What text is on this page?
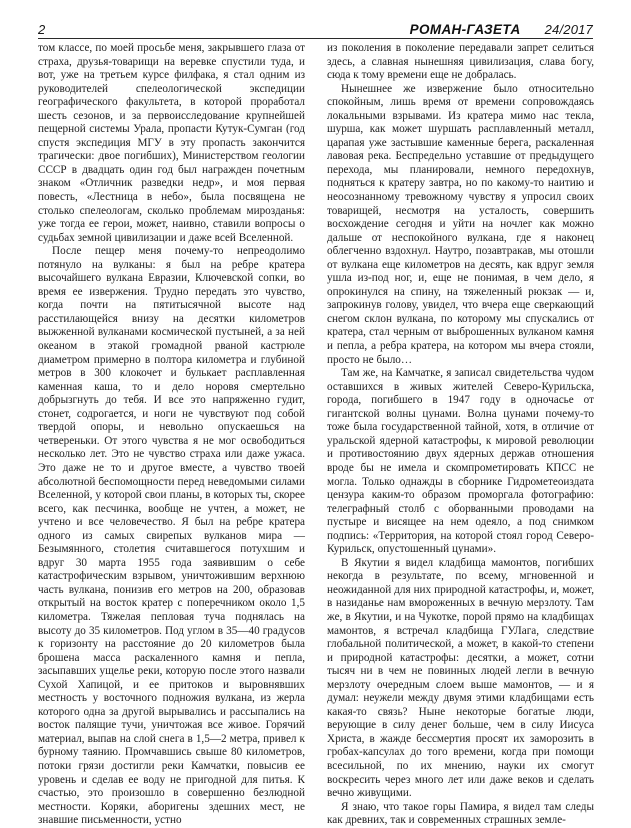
2	РОМАН-ГАЗЕТА 24/2017

том классе, по моей просьбе меня, закрывшего глаза от страха, друзья-товарищи на веревке спустили туда, и вот, уже на третьем курсе филфака, я стал одним из руководителей спелеологической экспедиции географического факультета, в которой проработал шесть сезонов, и за первоисследование крупнейшей пещерной системы Урала, пропасти Кутук-Сумган (год спустя экспедиция МГУ в эту пропасть закончится трагически: двое погибших), Министерством геологии СССР в двадцать один год был награжден почетным знаком «Отличник разведки недр», и моя первая повесть, «Лестница в небо», была посвящена не столько спелеологам, сколько проблемам мирозданья: уже тогда ее герои, может, наивно, ставили вопросы о судьбах земной цивилизации и даже всей Вселенной.

После пещер меня почему-то непреодолимо потянуло на вулканы: я был на ребре кратера высочайшего вулкана Евразии, Ключевской сопки, во время ее извержения. Трудно передать это чувство, когда почти на пятитысячной высоте над расстилающейся внизу на десятки километров выжженной вулканами космической пустыней, а за ней океаном в этакой громадной рваной кастрюле диаметром примерно в полтора километра и глубиной метров в 300 клокочет и булькает расплавленная каменная каша, то и дело норовя смертельно добрызгнуть до тебя. И все это напряженно гудит, стонет, содрогается, и ноги не чувствуют под собой твердой опоры, и невольно опускаешься на четвереньки. От этого чувства я не мог освободиться несколько лет. Это не чувство страха или даже ужаса. Это даже не то и другое вместе, а чувство твоей абсолютной беспомощности перед неведомыми силами Вселенной, у которой свои планы, в которых ты, скорее всего, как песчинка, вообще не учтен, а может, не учтено и все человечество. Я был на ребре кратера одного из самых свирепых вулканов мира — Безымянного, столетия считавшегося потухшим и вдруг 30 марта 1955 года заявившим о себе катастрофическим взрывом, уничтожившим верхнюю часть вулкана, понизив его метров на 200, образовав открытый на восток кратер с поперечником около 1,5 километра. Тяжелая пепловая туча поднялась на высоту до 35 километров. Под углом в 35—40 градусов к горизонту на расстояние до 20 километров была брошена масса раскаленного камня и пепла, засыпавших ущелье реки, которую после этого назвали Сухой Хапицой, и ее притоков и выровнявших местность у восточного подножия вулкана, из жерла которого одна за другой вырывались и рассыпались на восток палящие тучи, уничтожая все живое. Горячий материал, выпав на слой снега в 1,5—2 метра, привел к бурному таянию. Промчавшись свыше 80 километров, потоки грязи достигли реки Камчатки, повысив ее уровень и сделав ее воду не пригодной для питья. К счастью, это произошло в совершенно безлюдной местности. Коряки, аборигены здешних мест, не знавшие письменности, устно

из поколения в поколение передавали запрет селиться здесь, а славная нынешняя цивилизация, слава богу, сюда к тому времени еще не добралась.

Нынешнее же извержение было относительно спокойным, лишь время от времени сопровождаясь локальными взрывами. Из кратера мимо нас текла, шурша, как может шуршать расплавленный металл, царапая уже застывшие каменные берега, раскаленная лавовая река. Беспредельно уставшие от предыдущего перехода, мы планировали, немного передохнув, подняться к кратеру завтра, но по какому-то наитию и неосознанному тревожному чувству я упросил своих товарищей, несмотря на усталость, совершить восхождение сегодня и уйти на ночлег как можно дальше от неспокойного вулкана, где я наконец облегченно вздохнул. Наутро, позавтракав, мы отошли от вулкана еще километров на десять, как вдруг земля ушла из-под ног, и, еще не понимая, в чем дело, я опрокинулся на спину, на тяжеленный рюкзак — и, запрокинув голову, увидел, что вчера еще сверкающий снегом склон вулкана, по которому мы спускались от кратера, стал черным от выброшенных вулканом камня и пепла, а ребра кратера, на котором мы вчера стояли, просто не было…

Там же, на Камчатке, я записал свидетельства чудом оставшихся в живых жителей Северо-Курильска, города, погибшего в 1947 году в одночасье от гигантской волны цунами. Волна цунами почему-то тоже была государственной тайной, хотя, в отличие от уральской ядерной катастрофы, к мировой революции и противостоянию двух ядерных держав отношения вроде бы не имела и скомпрометировать КПСС не могла. Только однажды в сборнике Гидрометеоиздата цензура каким-то образом проморгала фотографию: телеграфный столб с оборванными проводами на пустыре и висящее на нем одеяло, а под снимком подпись: «Территория, на которой стоял город Северо-Курильск, опустошенный цунами».

В Якутии я видел кладбища мамонтов, погибших некогда в результате, по всему, мгновенной и неожиданной для них природной катастрофы, и, может, в назиданье нам вмороженных в вечную мерзлоту. Там же, в Якутии, и на Чукотке, порой прямо на кладбищах мамонтов, я встречал кладбища ГУЛага, следствие глобальной политической, а может, в какой-то степени и природной катастрофы: десятки, а может, сотни тысяч ни в чем не повинных людей легли в вечную мерзлоту очередным слоем выше мамонтов, — и я думал: неужели между двумя этими кладбищами есть какая-то связь? Ныне некоторые богатые люди, верующие в силу денег больше, чем в силу Иисуса Христа, в жажде бессмертия просят их заморозить в гробах-капсулах до того времени, когда при помощи всесильной, по их мнению, науки их смогут воскресить через много лет или даже веков и сделать вечно живущими.

Я знаю, что такое горы Памира, я видел там следы как древних, так и современных страшных земле-
